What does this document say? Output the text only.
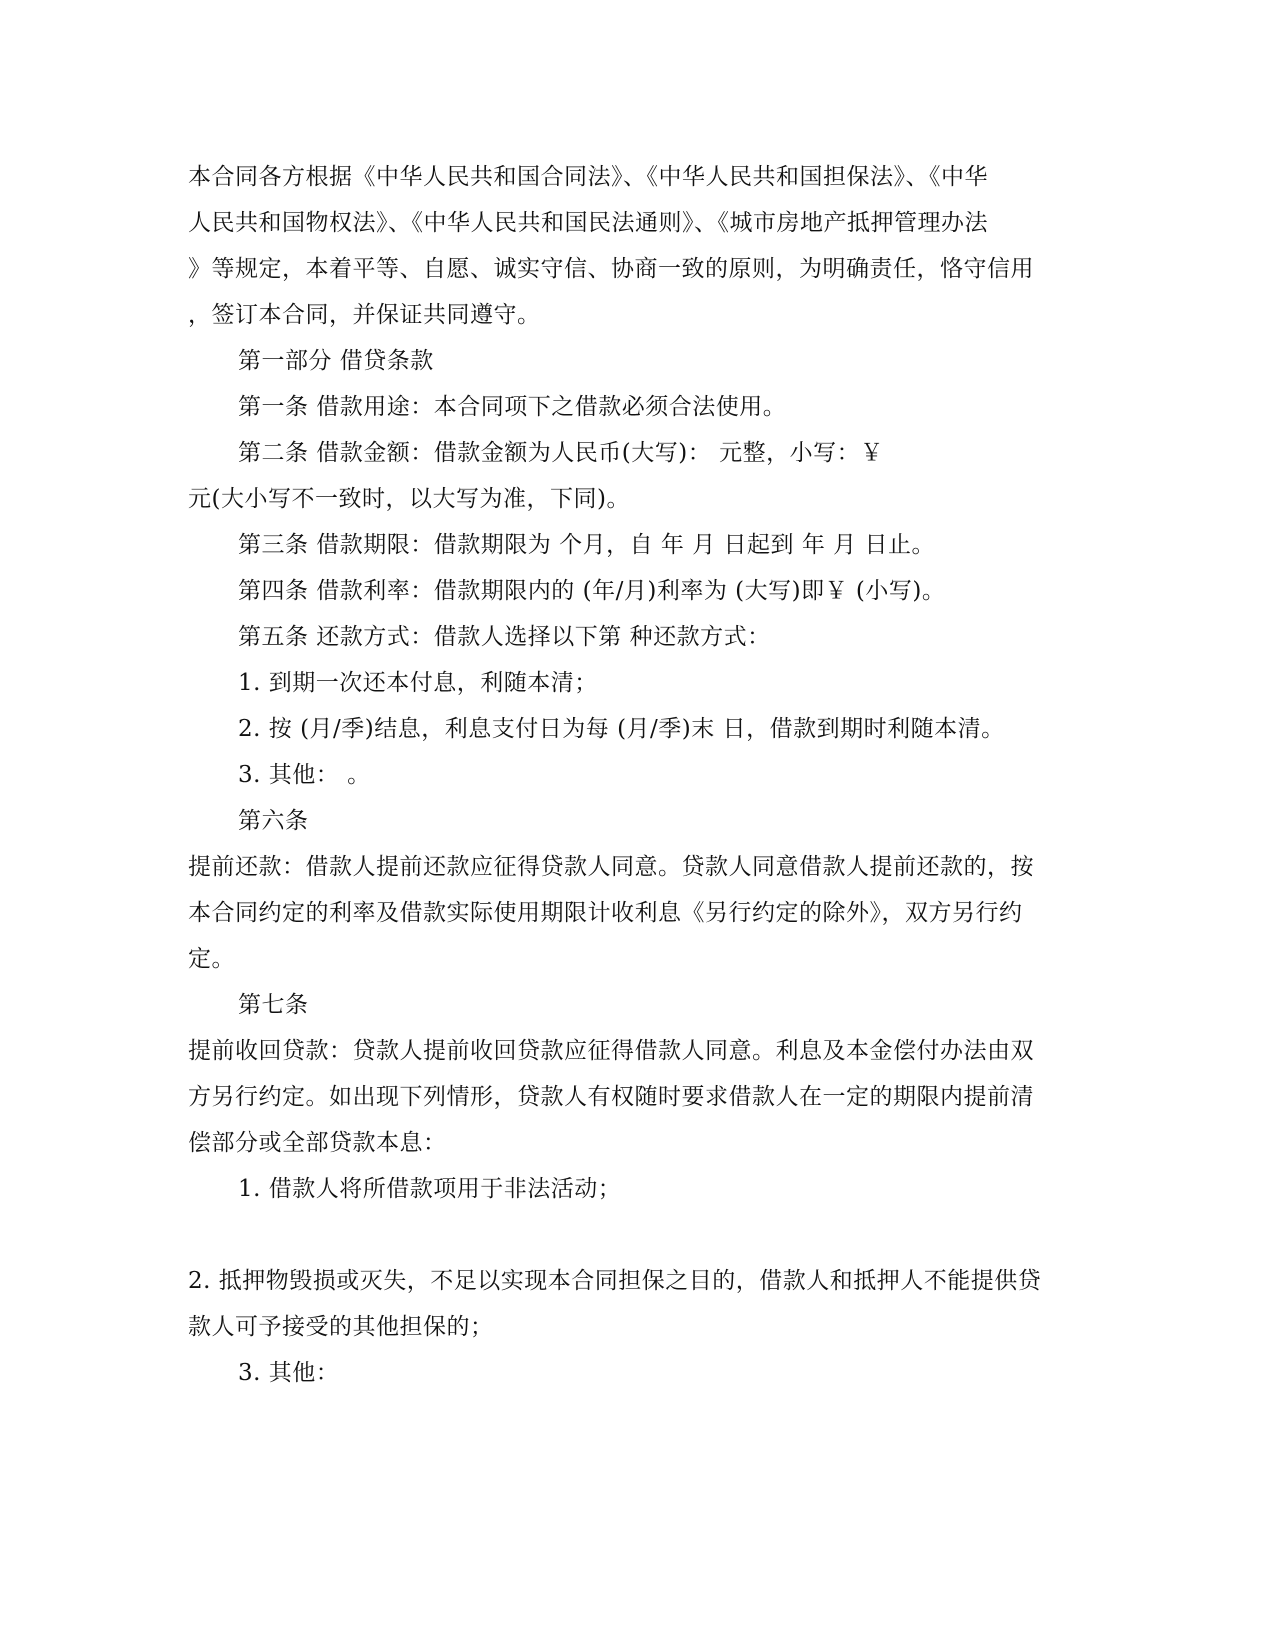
本合同各方根据《中华人民共和国合同法》、《中华人民共和国担保法》、《中华
人民共和国物权法》、《中华人民共和国民法通则》、《城市房地产抵押管理办法
》等规定，本着平等、自愿、诚实守信、协商一致的原则，为明确责任，恪守信用
，签订本合同，并保证共同遵守。
第一部分 借贷条款
第一条 借款用途：本合同项下之借款必须合法使用。
第二条 借款金额：借款金额为人民币(大写)： 元整，小写：￥
元(大小写不一致时，以大写为准，下同)。
第三条 借款期限：借款期限为 个月，自 年 月 日起到 年 月 日止。
第四条 借款利率：借款期限内的 (年/月)利率为 (大写)即￥ (小写)。
第五条 还款方式：借款人选择以下第 种还款方式：
1. 到期一次还本付息，利随本清；
2. 按 (月/季)结息，利息支付日为每 (月/季)末 日，借款到期时利随本清。
3. 其他： 。
第六条
提前还款：借款人提前还款应征得贷款人同意。贷款人同意借款人提前还款的，按
本合同约定的利率及借款实际使用期限计收利息《另行约定的除外》，双方另行约
定。
第七条
提前收回贷款：贷款人提前收回贷款应征得借款人同意。利息及本金偿付办法由双
方另行约定。如出现下列情形，贷款人有权随时要求借款人在一定的期限内提前清
偿部分或全部贷款本息：
1. 借款人将所借款项用于非法活动；
2. 抵押物毁损或灭失，不足以实现本合同担保之目的，借款人和抵押人不能提供贷
款人可予接受的其他担保的；
3. 其他：
